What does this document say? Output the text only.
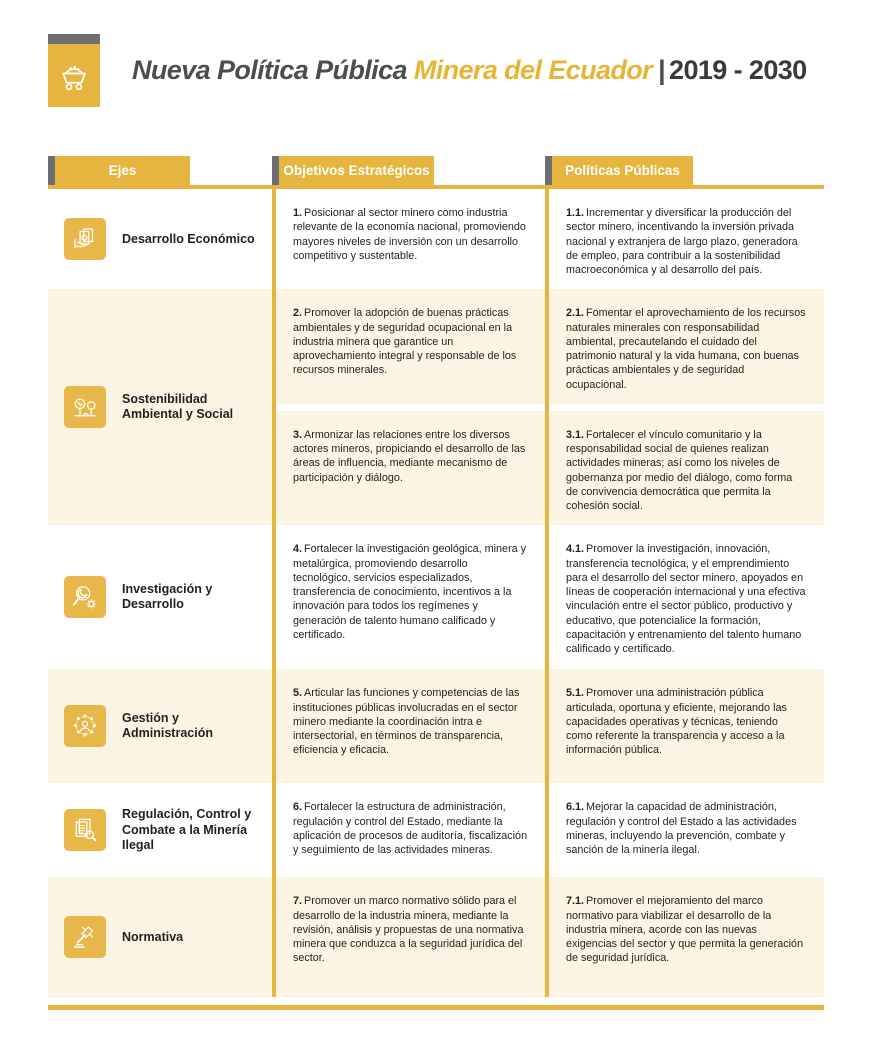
Nueva Política Pública Minera del Ecuador | 2019 - 2030
Ejes	Objetivos Estratégicos	Políticas Públicas
Desarrollo Económico
1. Posicionar al sector minero como industria relevante de la economía nacional, promoviendo mayores niveles de inversión con un desarrollo competitivo y sustentable.
1.1. Incrementar y diversificar la producción del sector minero, incentivando la inversión privada nacional y extranjera de largo plazo, generadora de empleo, para contribuir a la sostenibilidad macroeconómica y al desarrollo del país.
Sostenibilidad Ambiental y Social
2. Promover la adopción de buenas prácticas ambientales y de seguridad ocupacional en la industria minera que garantice un aprovechamiento integral y responsable de los recursos minerales.
3. Armonizar las relaciones entre los diversos actores mineros, propiciando el desarrollo de las áreas de influencia, mediante mecanismo de participación y diálogo.
2.1. Fomentar el aprovechamiento de los recursos naturales minerales con responsabilidad ambiental, precautelando el cuidado del patrimonio natural y la vida humana, con buenas prácticas ambientales y de seguridad ocupacional.
3.1. Fortalecer el vínculo comunitario y la responsabilidad social de quienes realizan actividades mineras; así como los niveles de gobernanza por medio del diálogo, como forma de convivencia democrática que permita la cohesión social.
Investigación y Desarrollo
4. Fortalecer la investigación geológica, minera y metalúrgica, promoviendo desarrollo tecnológico, servicios especializados, transferencia de conocimiento, incentivos a la innovación para todos los regímenes y generación de talento humano calificado y certificado.
4.1. Promover la investigación, innovación, transferencia tecnológica, y el emprendimiento para el desarrollo del sector minero, apoyados en líneas de cooperación internacional y una efectiva vinculación entre el sector público, productivo y educativo, que potencialice la formación, capacitación y entrenamiento del talento humano calificado y certificado.
Gestión y Administración
5. Articular las funciones y competencias de las instituciones públicas involucradas en el sector minero mediante la coordinación intra e intersectorial, en términos de transparencia, eficiencia y eficacia.
5.1. Promover una administración pública articulada, oportuna y eficiente, mejorando las capacidades operativas y técnicas, teniendo como referente la transparencia y acceso a la información pública.
Regulación, Control y Combate a la Minería Ilegal
6. Fortalecer la estructura de administración, regulación y control del Estado, mediante la aplicación de procesos de auditoría, fiscalización y seguimiento de las actividades mineras.
6.1. Mejorar la capacidad de administración, regulación y control del Estado a las actividades mineras, incluyendo la prevención, combate y sanción de la minería ilegal.
Normativa
7. Promover un marco normativo sólido para el desarrollo de la industria minera, mediante la revisión, análisis y propuestas de una normativa minera que conduzca a la seguridad jurídica del sector.
7.1. Promover el mejoramiento del marco normativo para viabilizar el desarrollo de la industria minera, acorde con las nuevas exigencias del sector y que permita la generación de seguridad jurídica.
